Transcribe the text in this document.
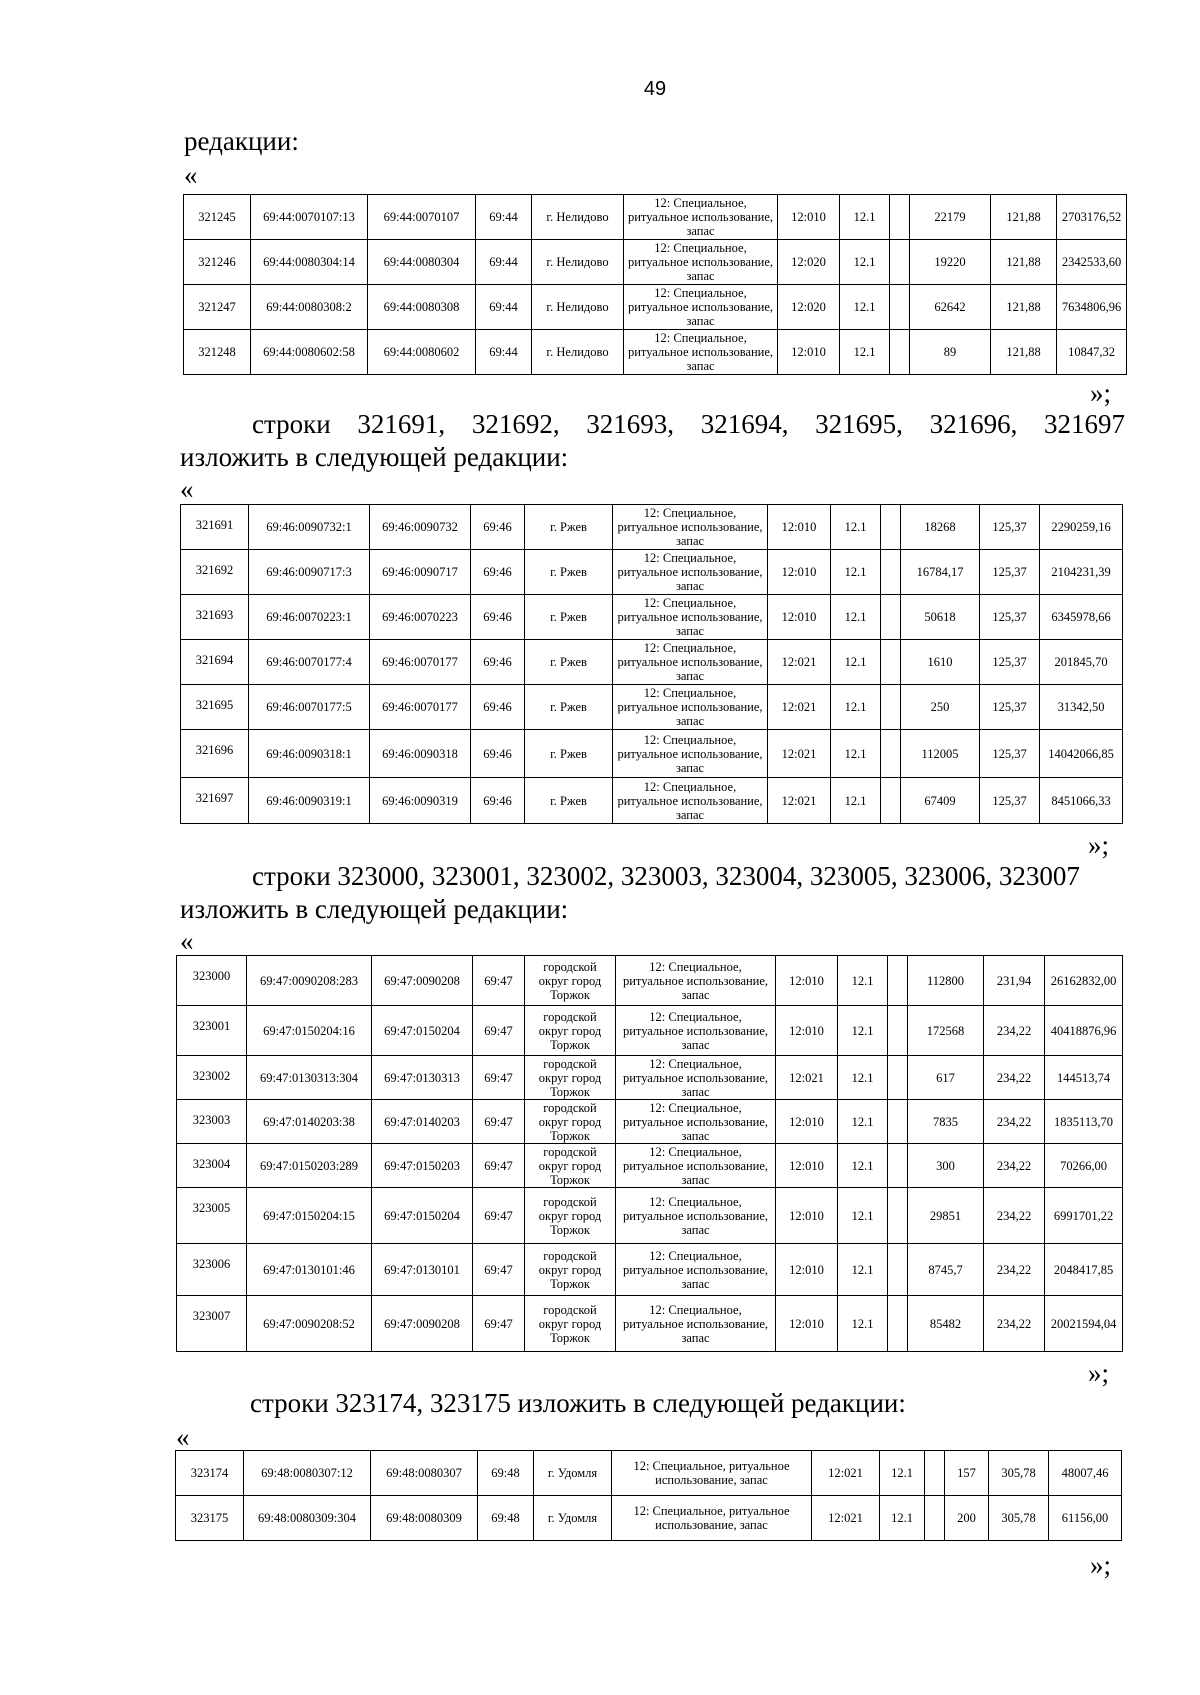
49
редакции:
«
321245	69:44:0070107:13	69:44:0070107	69:44	г. Нелидово	12: Специальное, ритуальное использование, запас	12:010	12.1		22179	121,88	2703176,52
321246	69:44:0080304:14	69:44:0080304	69:44	г. Нелидово	12: Специальное, ритуальное использование, запас	12:020	12.1		19220	121,88	2342533,60
321247	69:44:0080308:2	69:44:0080308	69:44	г. Нелидово	12: Специальное, ритуальное использование, запас	12:020	12.1		62642	121,88	7634806,96
321248	69:44:0080602:58	69:44:0080602	69:44	г. Нелидово	12: Специальное, ритуальное использование, запас	12:010	12.1		89	121,88	10847,32
»;
строки 321691, 321692, 321693, 321694, 321695, 321696, 321697
изложить в следующей редакции:
«
321691	69:46:0090732:1	69:46:0090732	69:46	г. Ржев	12: Специальное, ритуальное использование, запас	12:010	12.1		18268	125,37	2290259,16
321692	69:46:0090717:3	69:46:0090717	69:46	г. Ржев	12: Специальное, ритуальное использование, запас	12:010	12.1		16784,17	125,37	2104231,39
321693	69:46:0070223:1	69:46:0070223	69:46	г. Ржев	12: Специальное, ритуальное использование, запас	12:010	12.1		50618	125,37	6345978,66
321694	69:46:0070177:4	69:46:0070177	69:46	г. Ржев	12: Специальное, ритуальное использование, запас	12:021	12.1		1610	125,37	201845,70
321695	69:46:0070177:5	69:46:0070177	69:46	г. Ржев	12: Специальное, ритуальное использование, запас	12:021	12.1		250	125,37	31342,50
321696	69:46:0090318:1	69:46:0090318	69:46	г. Ржев	12: Специальное, ритуальное использование, запас	12:021	12.1		112005	125,37	14042066,85
321697	69:46:0090319:1	69:46:0090319	69:46	г. Ржев	12: Специальное, ритуальное использование, запас	12:021	12.1		67409	125,37	8451066,33
»;
строки 323000, 323001, 323002, 323003, 323004, 323005, 323006, 323007
изложить в следующей редакции:
«
323000	69:47:0090208:283	69:47:0090208	69:47	городской округ город Торжок	12: Специальное, ритуальное использование, запас	12:010	12.1		112800	231,94	26162832,00
323001	69:47:0150204:16	69:47:0150204	69:47	городской округ город Торжок	12: Специальное, ритуальное использование, запас	12:010	12.1		172568	234,22	40418876,96
323002	69:47:0130313:304	69:47:0130313	69:47	городской округ город Торжок	12: Специальное, ритуальное использование, запас	12:021	12.1		617	234,22	144513,74
323003	69:47:0140203:38	69:47:0140203	69:47	городской округ город Торжок	12: Специальное, ритуальное использование, запас	12:010	12.1		7835	234,22	1835113,70
323004	69:47:0150203:289	69:47:0150203	69:47	городской округ город Торжок	12: Специальное, ритуальное использование, запас	12:010	12.1		300	234,22	70266,00
323005	69:47:0150204:15	69:47:0150204	69:47	городской округ город Торжок	12: Специальное, ритуальное использование, запас	12:010	12.1		29851	234,22	6991701,22
323006	69:47:0130101:46	69:47:0130101	69:47	городской округ город Торжок	12: Специальное, ритуальное использование, запас	12:010	12.1		8745,7	234,22	2048417,85
323007	69:47:0090208:52	69:47:0090208	69:47	городской округ город Торжок	12: Специальное, ритуальное использование, запас	12:010	12.1		85482	234,22	20021594,04
»;
строки 323174, 323175 изложить в следующей редакции:
«
323174	69:48:0080307:12	69:48:0080307	69:48	г. Удомля	12: Специальное, ритуальное использование, запас	12:021	12.1		157	305,78	48007,46
323175	69:48:0080309:304	69:48:0080309	69:48	г. Удомля	12: Специальное, ритуальное использование, запас	12:021	12.1		200	305,78	61156,00
»;
